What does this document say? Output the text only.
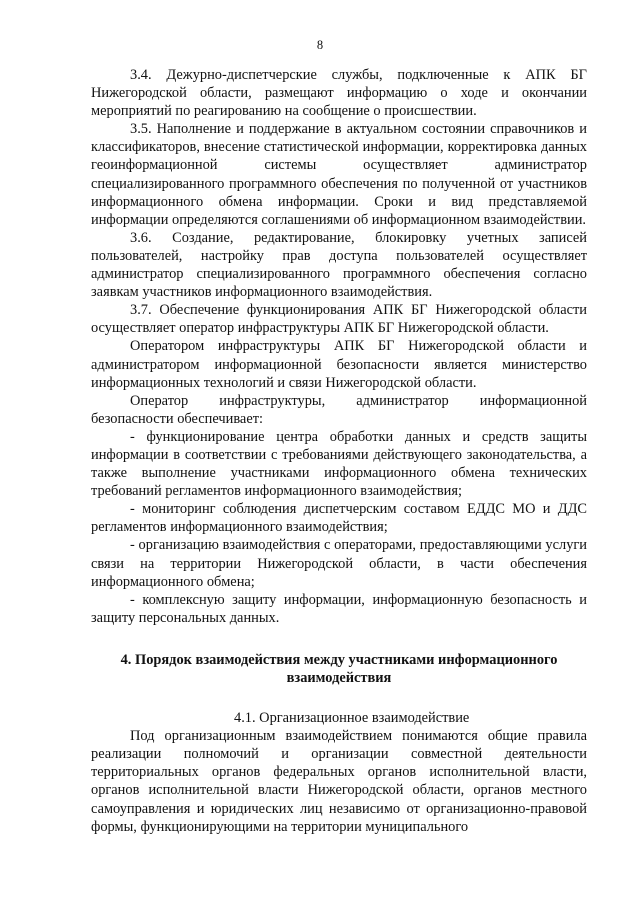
8

3.4. Дежурно-диспетчерские службы, подключенные к АПК БГ Нижегородской области, размещают информацию о ходе и окончании мероприятий по реагированию на сообщение о происшествии.

3.5. Наполнение и поддержание в актуальном состоянии справочников и классификаторов, внесение статистической информации, корректировка данных геоинформационной системы осуществляет администратор специализированного программного обеспечения по полученной от участников информационного обмена информации. Сроки и вид представляемой информации определяются соглашениями об информационном взаимодействии.

3.6. Создание, редактирование, блокировку учетных записей пользователей, настройку прав доступа пользователей осуществляет администратор специализированного программного обеспечения согласно заявкам участников информационного взаимодействия.

3.7. Обеспечение функционирования АПК БГ Нижегородской области осуществляет оператор инфраструктуры АПК БГ Нижегородской области.

Оператором инфраструктуры АПК БГ Нижегородской области и администратором информационной безопасности является министерство информационных технологий и связи Нижегородской области.

Оператор инфраструктуры, администратор информационной безопасности обеспечивает:

- функционирование центра обработки данных и средств защиты информации в соответствии с требованиями действующего законодательства, а также выполнение участниками информационного обмена технических требований регламентов информационного взаимодействия;

- мониторинг соблюдения диспетчерским составом ЕДДС МО и ДДС регламентов информационного взаимодействия;

- организацию взаимодействия с операторами, предоставляющими услуги связи на территории Нижегородской области, в части обеспечения информационного обмена;

- комплексную защиту информации, информационную безопасность и защиту персональных данных.

4. Порядок взаимодействия между участниками информационного взаимодействия
4.1. Организационное взаимодействие

Под организационным взаимодействием понимаются общие правила реализации полномочий и организации совместной деятельности территориальных органов федеральных органов исполнительной власти, органов исполнительной власти Нижегородской области, органов местного самоуправления и юридических лиц независимо от организационно-правовой формы, функционирующими на территории муниципального
